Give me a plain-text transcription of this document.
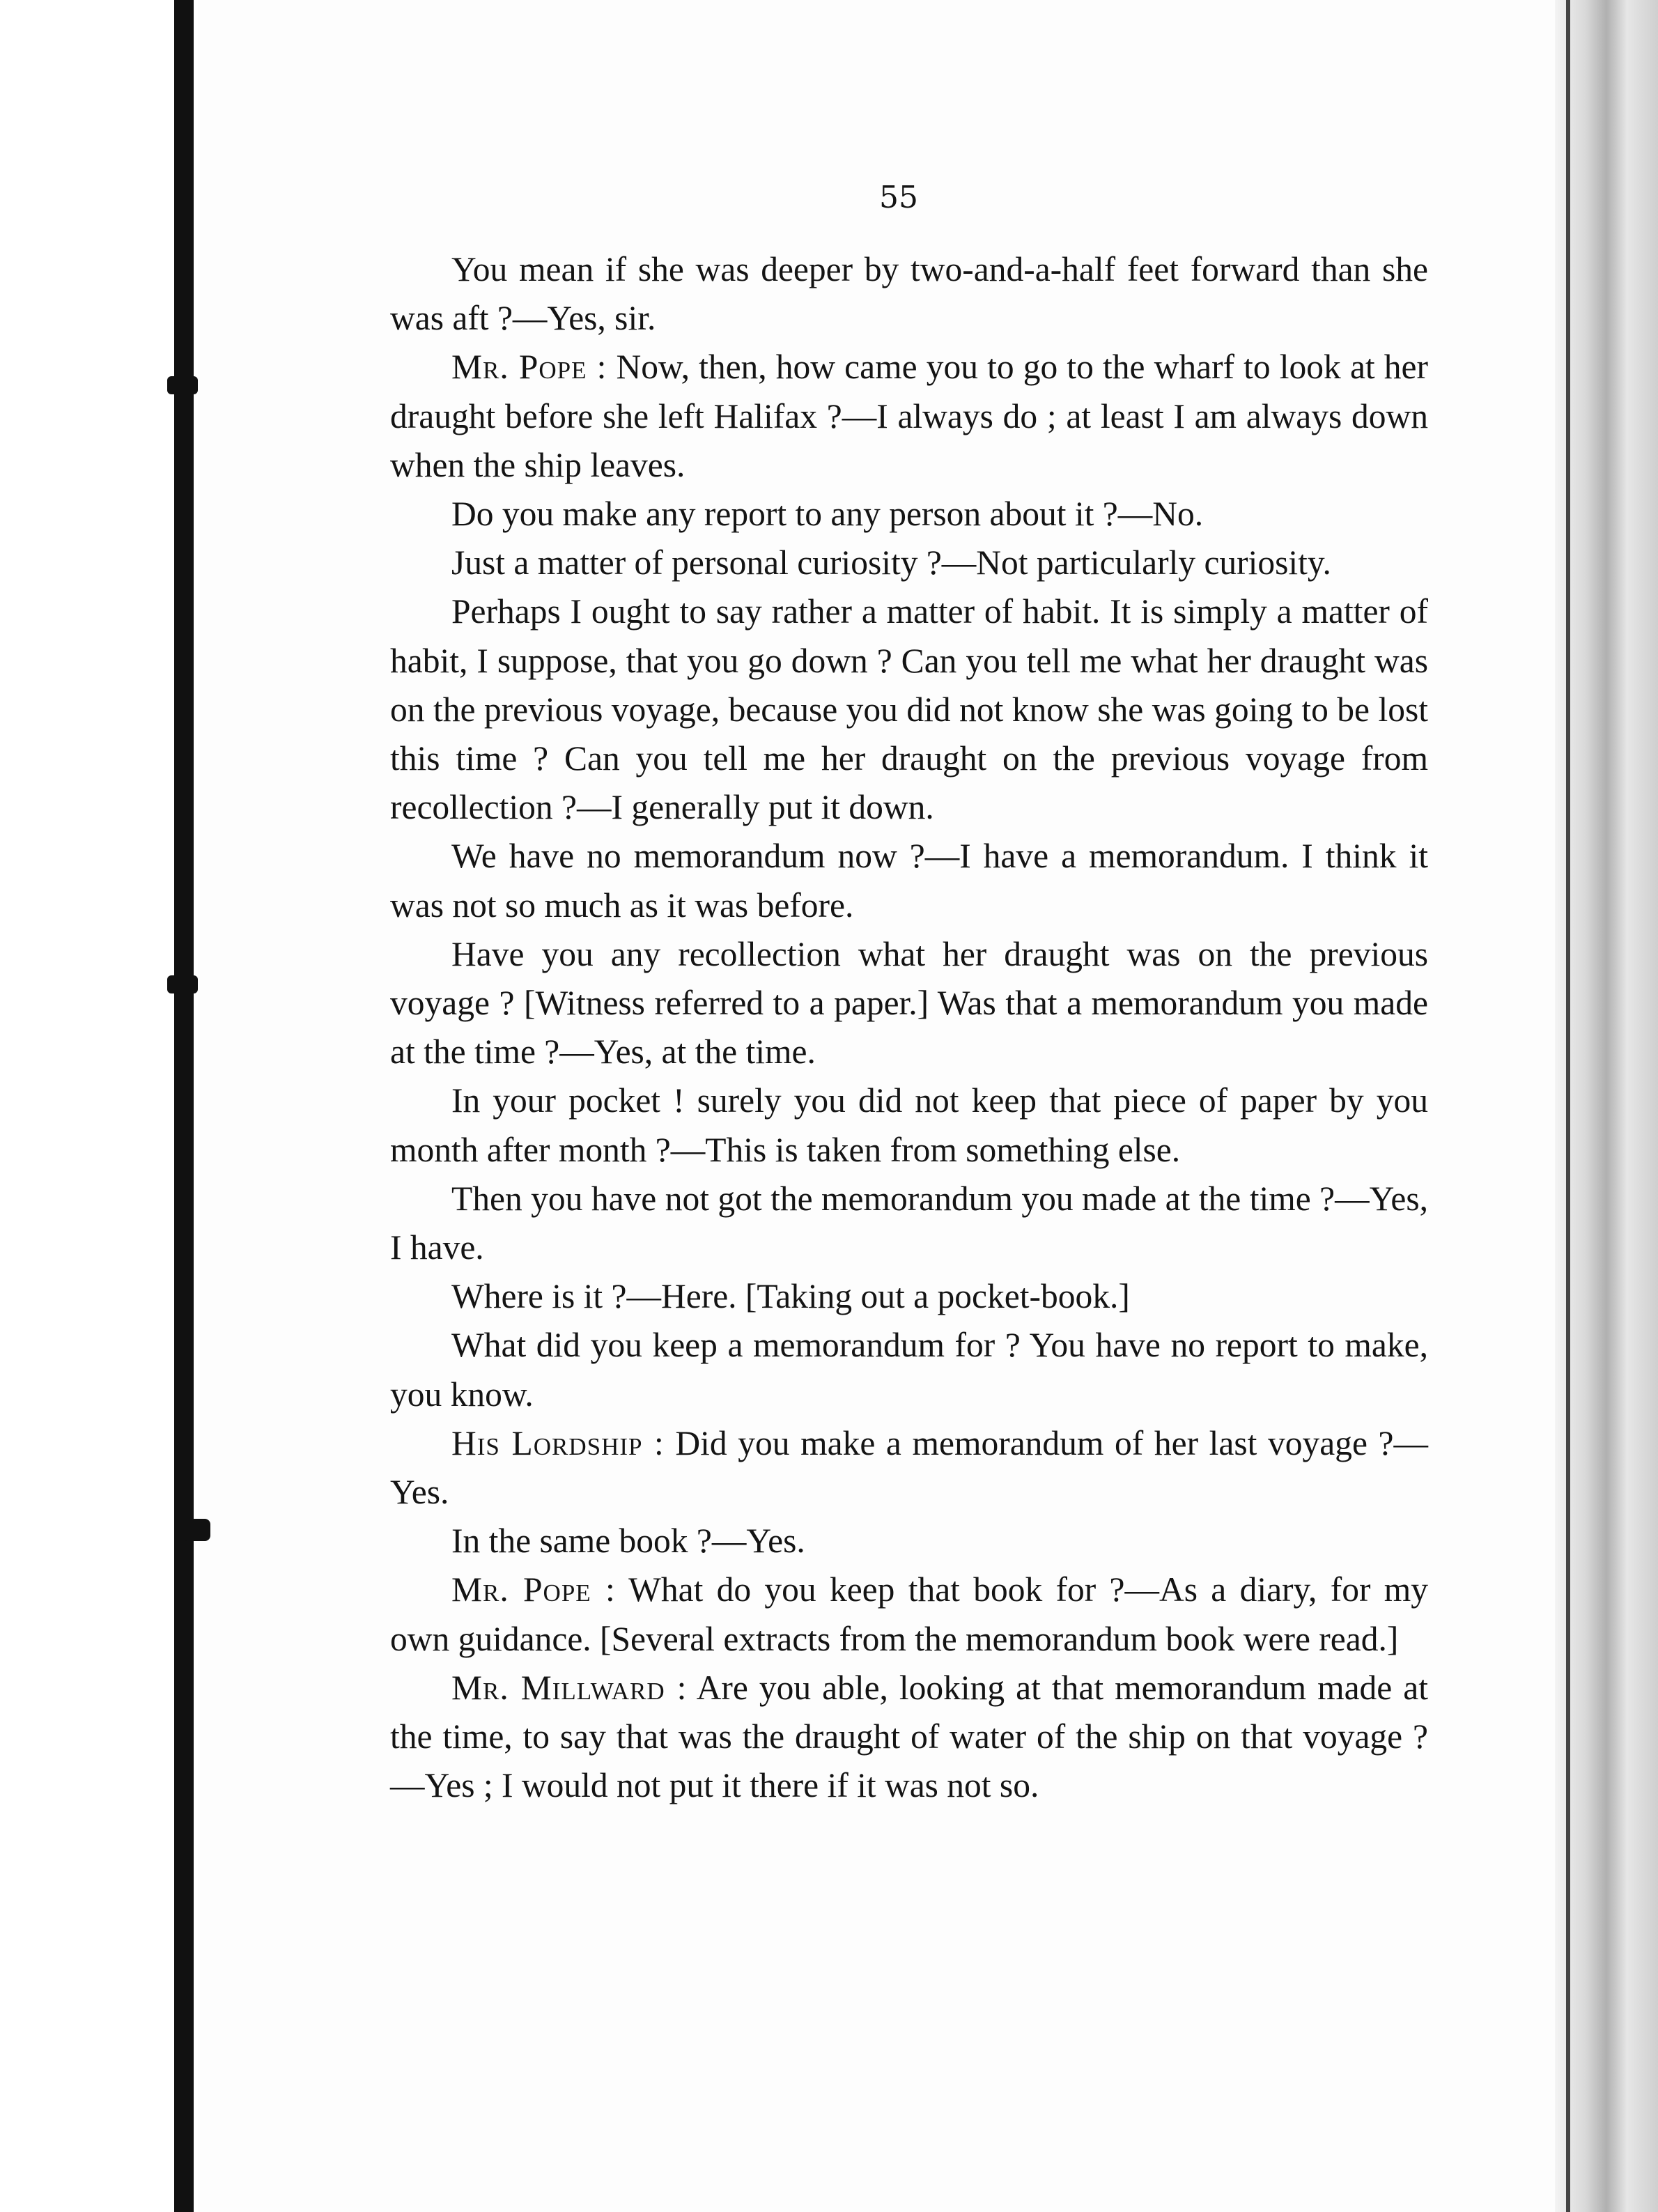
55

You mean if she was deeper by two-and-a-half feet forward than she was aft ?—Yes, sir.

Mr. Pope : Now, then, how came you to go to the wharf to look at her draught before she left Halifax ?—I always do ; at least I am always down when the ship leaves.

Do you make any report to any person about it ?—No.

Just a matter of personal curiosity ?—Not particularly curiosity.

Perhaps I ought to say rather a matter of habit. It is simply a matter of habit, I suppose, that you go down ? Can you tell me what her draught was on the previous voyage, because you did not know she was going to be lost this time ? Can you tell me her draught on the previous voyage from recollection ?—I generally put it down.

We have no memorandum now ?—I have a memorandum. I think it was not so much as it was before.

Have you any recollection what her draught was on the previous voyage ? [Witness referred to a paper.] Was that a memorandum you made at the time ?—Yes, at the time.

In your pocket ! surely you did not keep that piece of paper by you month after month ?—This is taken from something else.

Then you have not got the memorandum you made at the time ?—Yes, I have.

Where is it ?—Here. [Taking out a pocket-book.]

What did you keep a memorandum for ? You have no report to make, you know.

His Lordship : Did you make a memorandum of her last voyage ?—Yes.

In the same book ?—Yes.

Mr. Pope : What do you keep that book for ?—As a diary, for my own guidance. [Several extracts from the memorandum book were read.]

Mr. Millward : Are you able, looking at that memorandum made at the time, to say that was the draught of water of the ship on that voyage ?—Yes ; I would not put it there if it was not so.
